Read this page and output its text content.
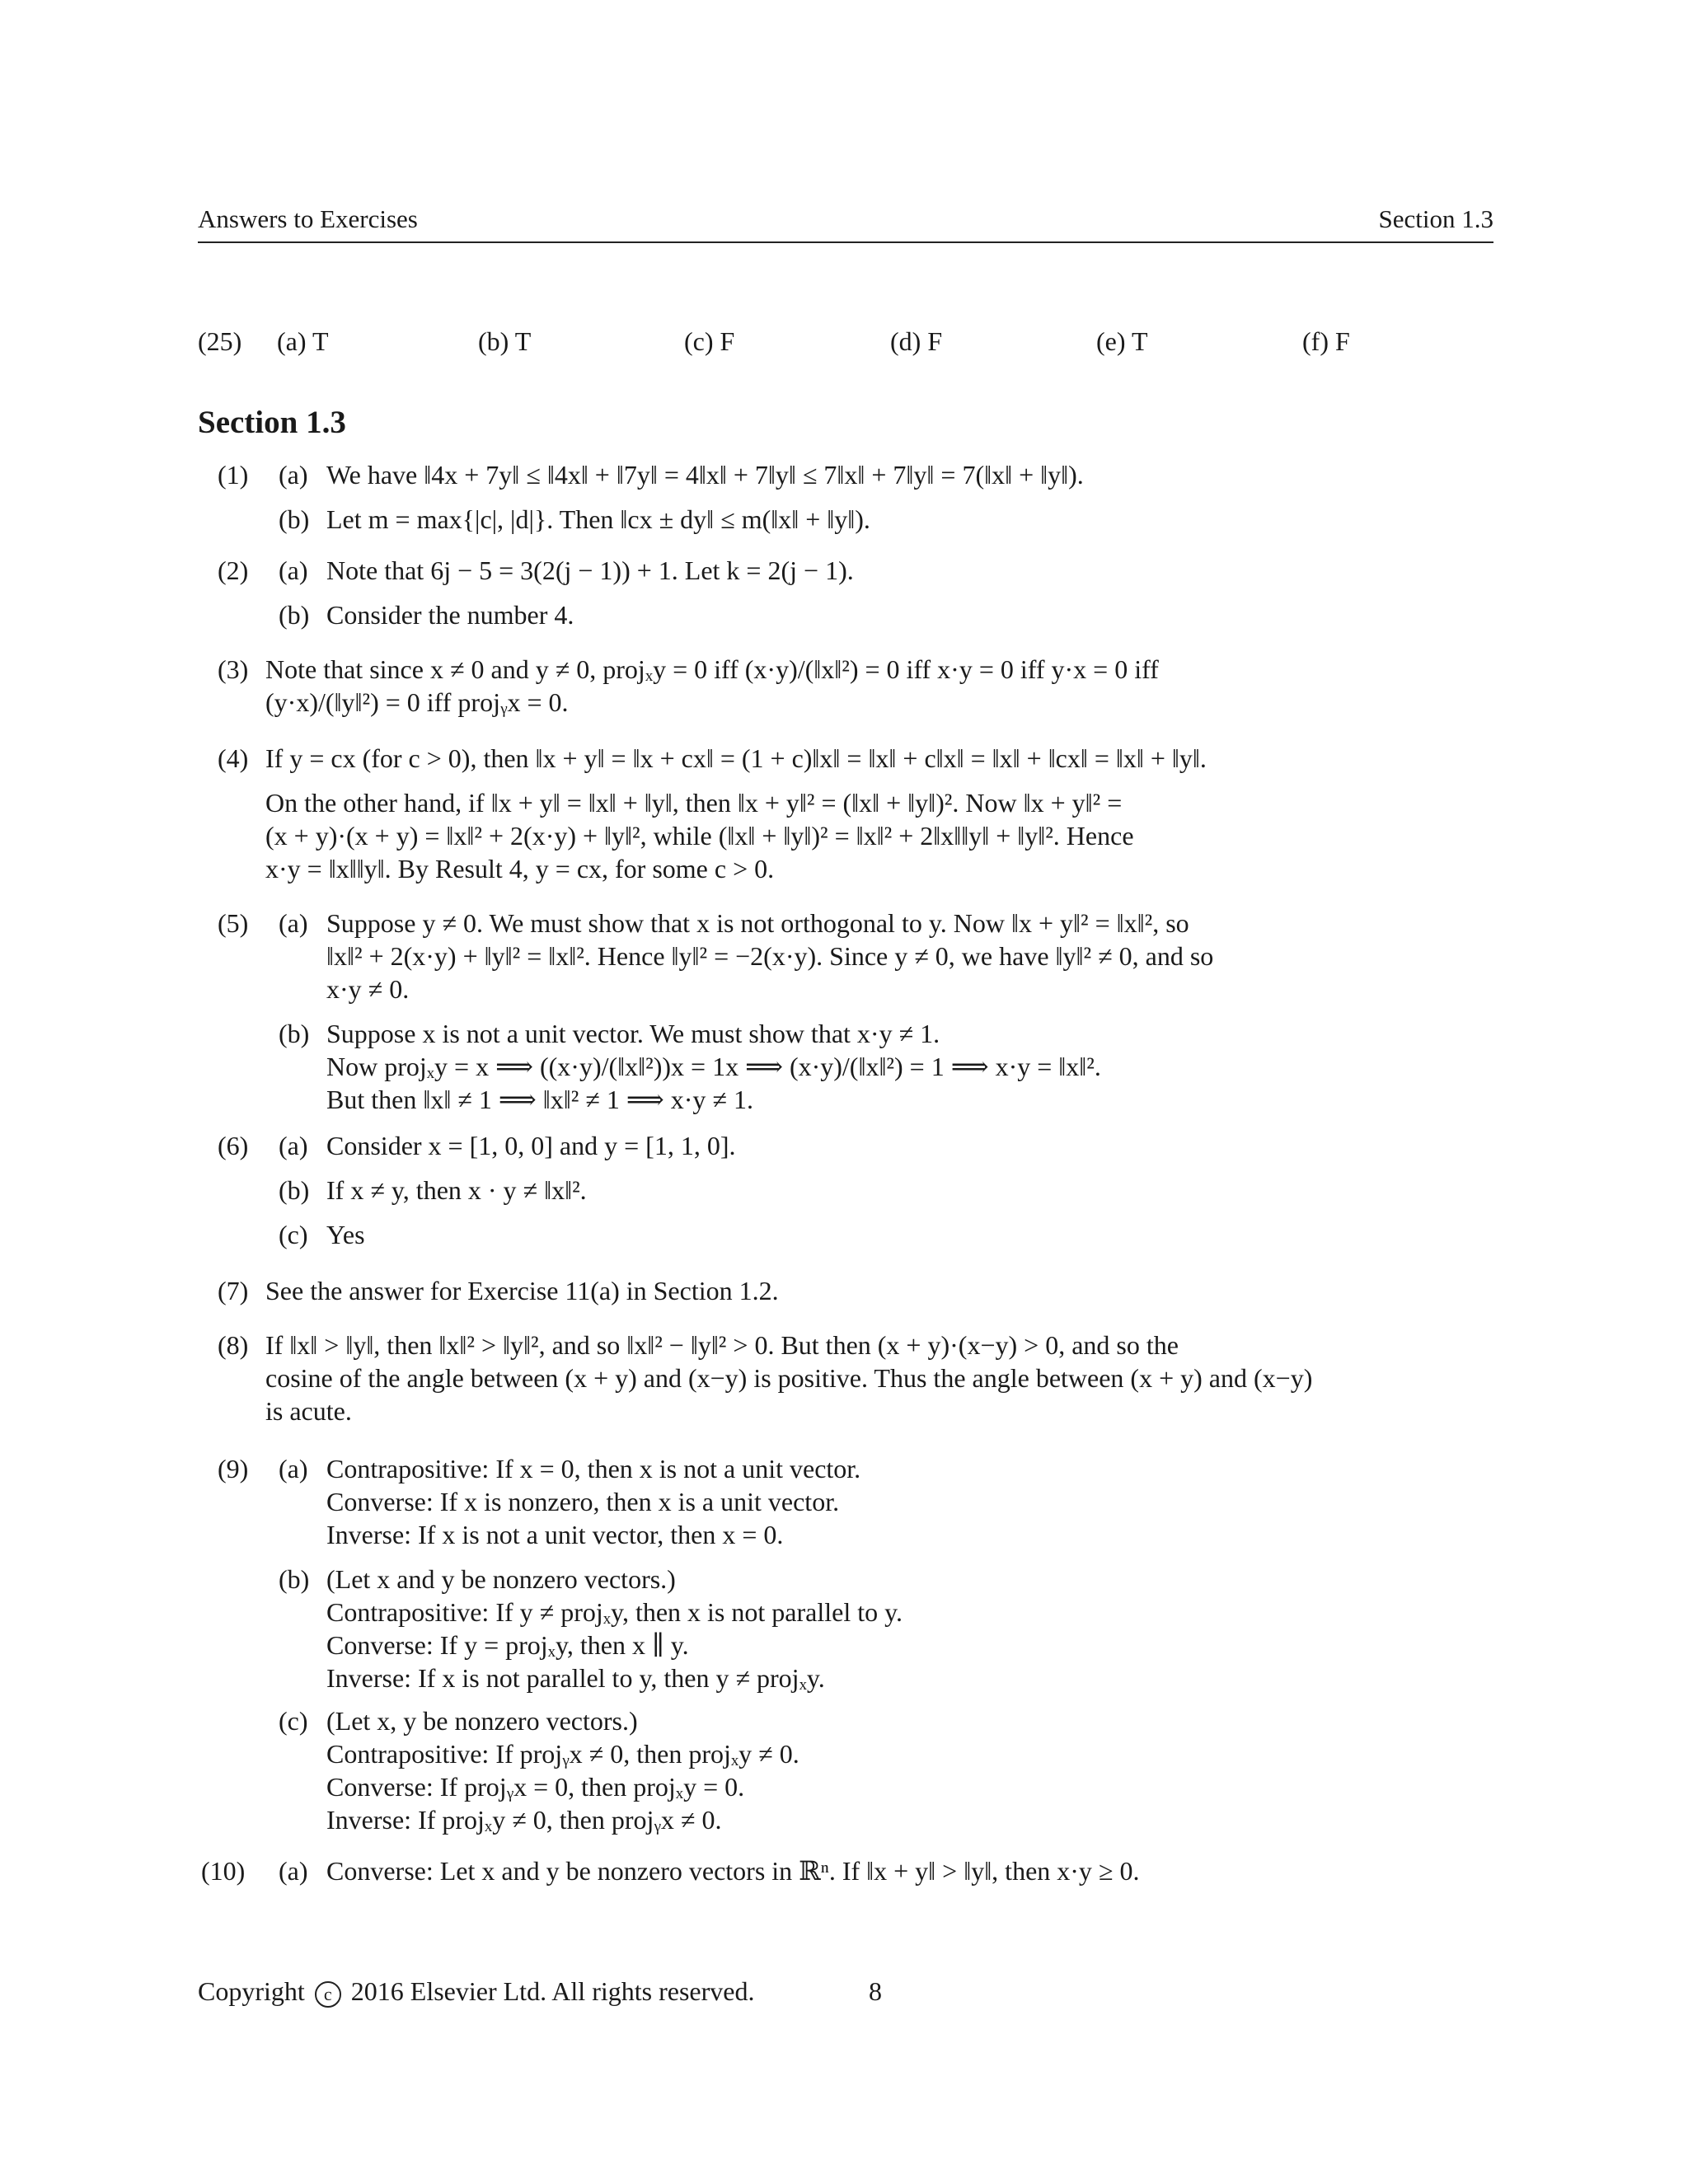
Answers to Exercises	Section 1.3
(25) (a) T	(b) T	(c) F	(d) F	(e) T	(f) F
Section 1.3
(1) (a) We have ‖4x + 7y‖ ≤ ‖4x‖ + ‖7y‖ = 4‖x‖ + 7‖y‖ ≤ 7‖x‖ + 7‖y‖ = 7(‖x‖ + ‖y‖).
(b) Let m = max{|c|, |d|}. Then ‖cx ± dy‖ ≤ m(‖x‖ + ‖y‖).
(2) (a) Note that 6j − 5 = 3(2(j − 1)) + 1. Let k = 2(j − 1).
(b) Consider the number 4.
(3) Note that since x ≠ 0 and y ≠ 0, projₓy = 0 iff (x·y)/(‖x‖²) = 0 iff x·y = 0 iff y·x = 0 iff
(y·x)/(‖y‖²) = 0 iff projᵧx = 0.
(4) If y = cx (for c > 0), then ‖x + y‖ = ‖x + cx‖ = (1 + c)‖x‖ = ‖x‖ + c‖x‖ = ‖x‖ + ‖cx‖ = ‖x‖ + ‖y‖.
On the other hand, if ‖x + y‖ = ‖x‖ + ‖y‖, then ‖x + y‖² = (‖x‖ + ‖y‖)². Now ‖x + y‖² =
(x + y)·(x + y) = ‖x‖² + 2(x·y) + ‖y‖², while (‖x‖ + ‖y‖)² = ‖x‖² + 2‖x‖‖y‖ + ‖y‖². Hence
x·y = ‖x‖‖y‖. By Result 4, y = cx, for some c > 0.
(5) (a) Suppose y ≠ 0. We must show that x is not orthogonal to y. Now ‖x + y‖² = ‖x‖², so
‖x‖² + 2(x·y) + ‖y‖² = ‖x‖². Hence ‖y‖² = −2(x·y). Since y ≠ 0, we have ‖y‖² ≠ 0, and so
x·y ≠ 0.
(b) Suppose x is not a unit vector. We must show that x·y ≠ 1.
Now projₓy = x ⟹ ((x·y)/(‖x‖²))x = 1x ⟹ (x·y)/(‖x‖²) = 1 ⟹ x·y = ‖x‖².
But then ‖x‖ ≠ 1 ⟹ ‖x‖² ≠ 1 ⟹ x·y ≠ 1.
(6) (a) Consider x = [1, 0, 0] and y = [1, 1, 0].
(b) If x ≠ y, then x · y ≠ ‖x‖².
(c) Yes
(7) See the answer for Exercise 11(a) in Section 1.2.
(8) If ‖x‖ > ‖y‖, then ‖x‖² > ‖y‖², and so ‖x‖² − ‖y‖² > 0. But then (x + y)·(x−y) > 0, and so the
cosine of the angle between (x + y) and (x−y) is positive. Thus the angle between (x + y) and (x−y)
is acute.
(9) (a) Contrapositive: If x = 0, then x is not a unit vector.
Converse: If x is nonzero, then x is a unit vector.
Inverse: If x is not a unit vector, then x = 0.
(b) (Let x and y be nonzero vectors.)
Contrapositive: If y ≠ projₓy, then x is not parallel to y.
Converse: If y = projₓy, then x ∥ y.
Inverse: If x is not parallel to y, then y ≠ projₓy.
(c) (Let x, y be nonzero vectors.)
Contrapositive: If projᵧx ≠ 0, then projₓy ≠ 0.
Converse: If projᵧx = 0, then projₓy = 0.
Inverse: If projₓy ≠ 0, then projᵧx ≠ 0.
(10) (a) Converse: Let x and y be nonzero vectors in ℝⁿ. If ‖x + y‖ > ‖y‖, then x·y ≥ 0.
Copyright c 2016 Elsevier Ltd. All rights reserved.	8
